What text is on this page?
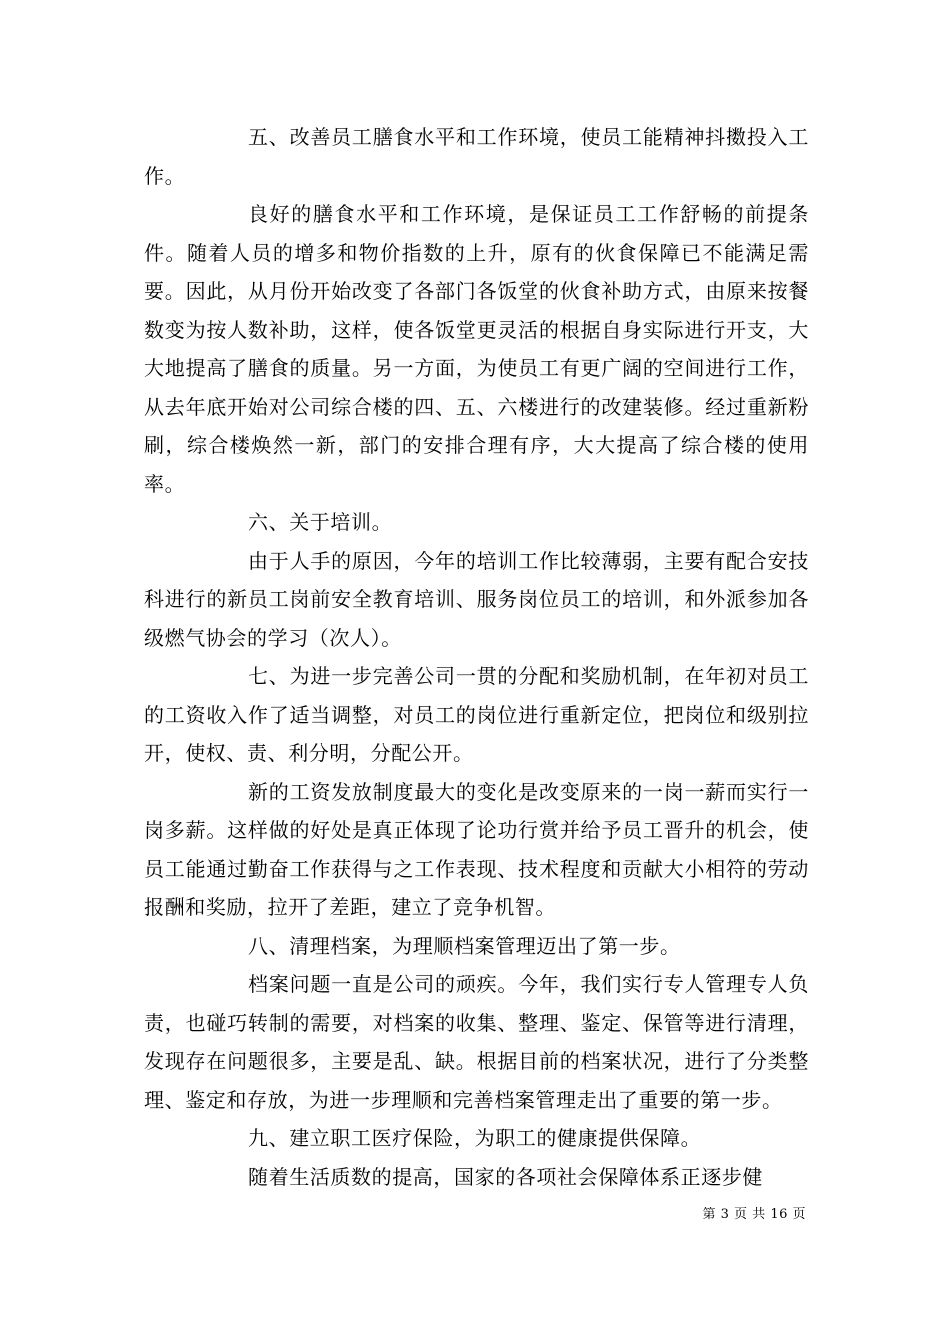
五、改善员工膳食水平和工作环境，使员工能精神抖擞投入工作。

良好的膳食水平和工作环境，是保证员工工作舒畅的前提条件。随着人员的增多和物价指数的上升，原有的伙食保障已不能满足需要。因此，从月份开始改变了各部门各饭堂的伙食补助方式，由原来按餐数变为按人数补助，这样，使各饭堂更灵活的根据自身实际进行开支，大大地提高了膳食的质量。另一方面，为使员工有更广阔的空间进行工作，从去年底开始对公司综合楼的四、五、六楼进行的改建装修。经过重新粉刷，综合楼焕然一新，部门的安排合理有序，大大提高了综合楼的使用率。

六、关于培训。

由于人手的原因，今年的培训工作比较薄弱，主要有配合安技科进行的新员工岗前安全教育培训、服务岗位员工的培训，和外派参加各级燃气协会的学习（次人）。

七、为进一步完善公司一贯的分配和奖励机制，在年初对员工的工资收入作了适当调整，对员工的岗位进行重新定位，把岗位和级别拉开，使权、责、利分明，分配公开。

新的工资发放制度最大的变化是改变原来的一岗一薪而实行一岗多薪。这样做的好处是真正体现了论功行赏并给予员工晋升的机会，使员工能通过勤奋工作获得与之工作表现、技术程度和贡献大小相符的劳动报酬和奖励，拉开了差距，建立了竞争机智。

八、清理档案，为理顺档案管理迈出了第一步。

档案问题一直是公司的顽疾。今年，我们实行专人管理专人负责，也碰巧转制的需要，对档案的收集、整理、鉴定、保管等进行清理，发现存在问题很多，主要是乱、缺。根据目前的档案状况，进行了分类整理、鉴定和存放，为进一步理顺和完善档案管理走出了重要的第一步。

九、建立职工医疗保险，为职工的健康提供保障。

随着生活质数的提高，国家的各项社会保障体系正逐步健

第 3 页 共 16 页
